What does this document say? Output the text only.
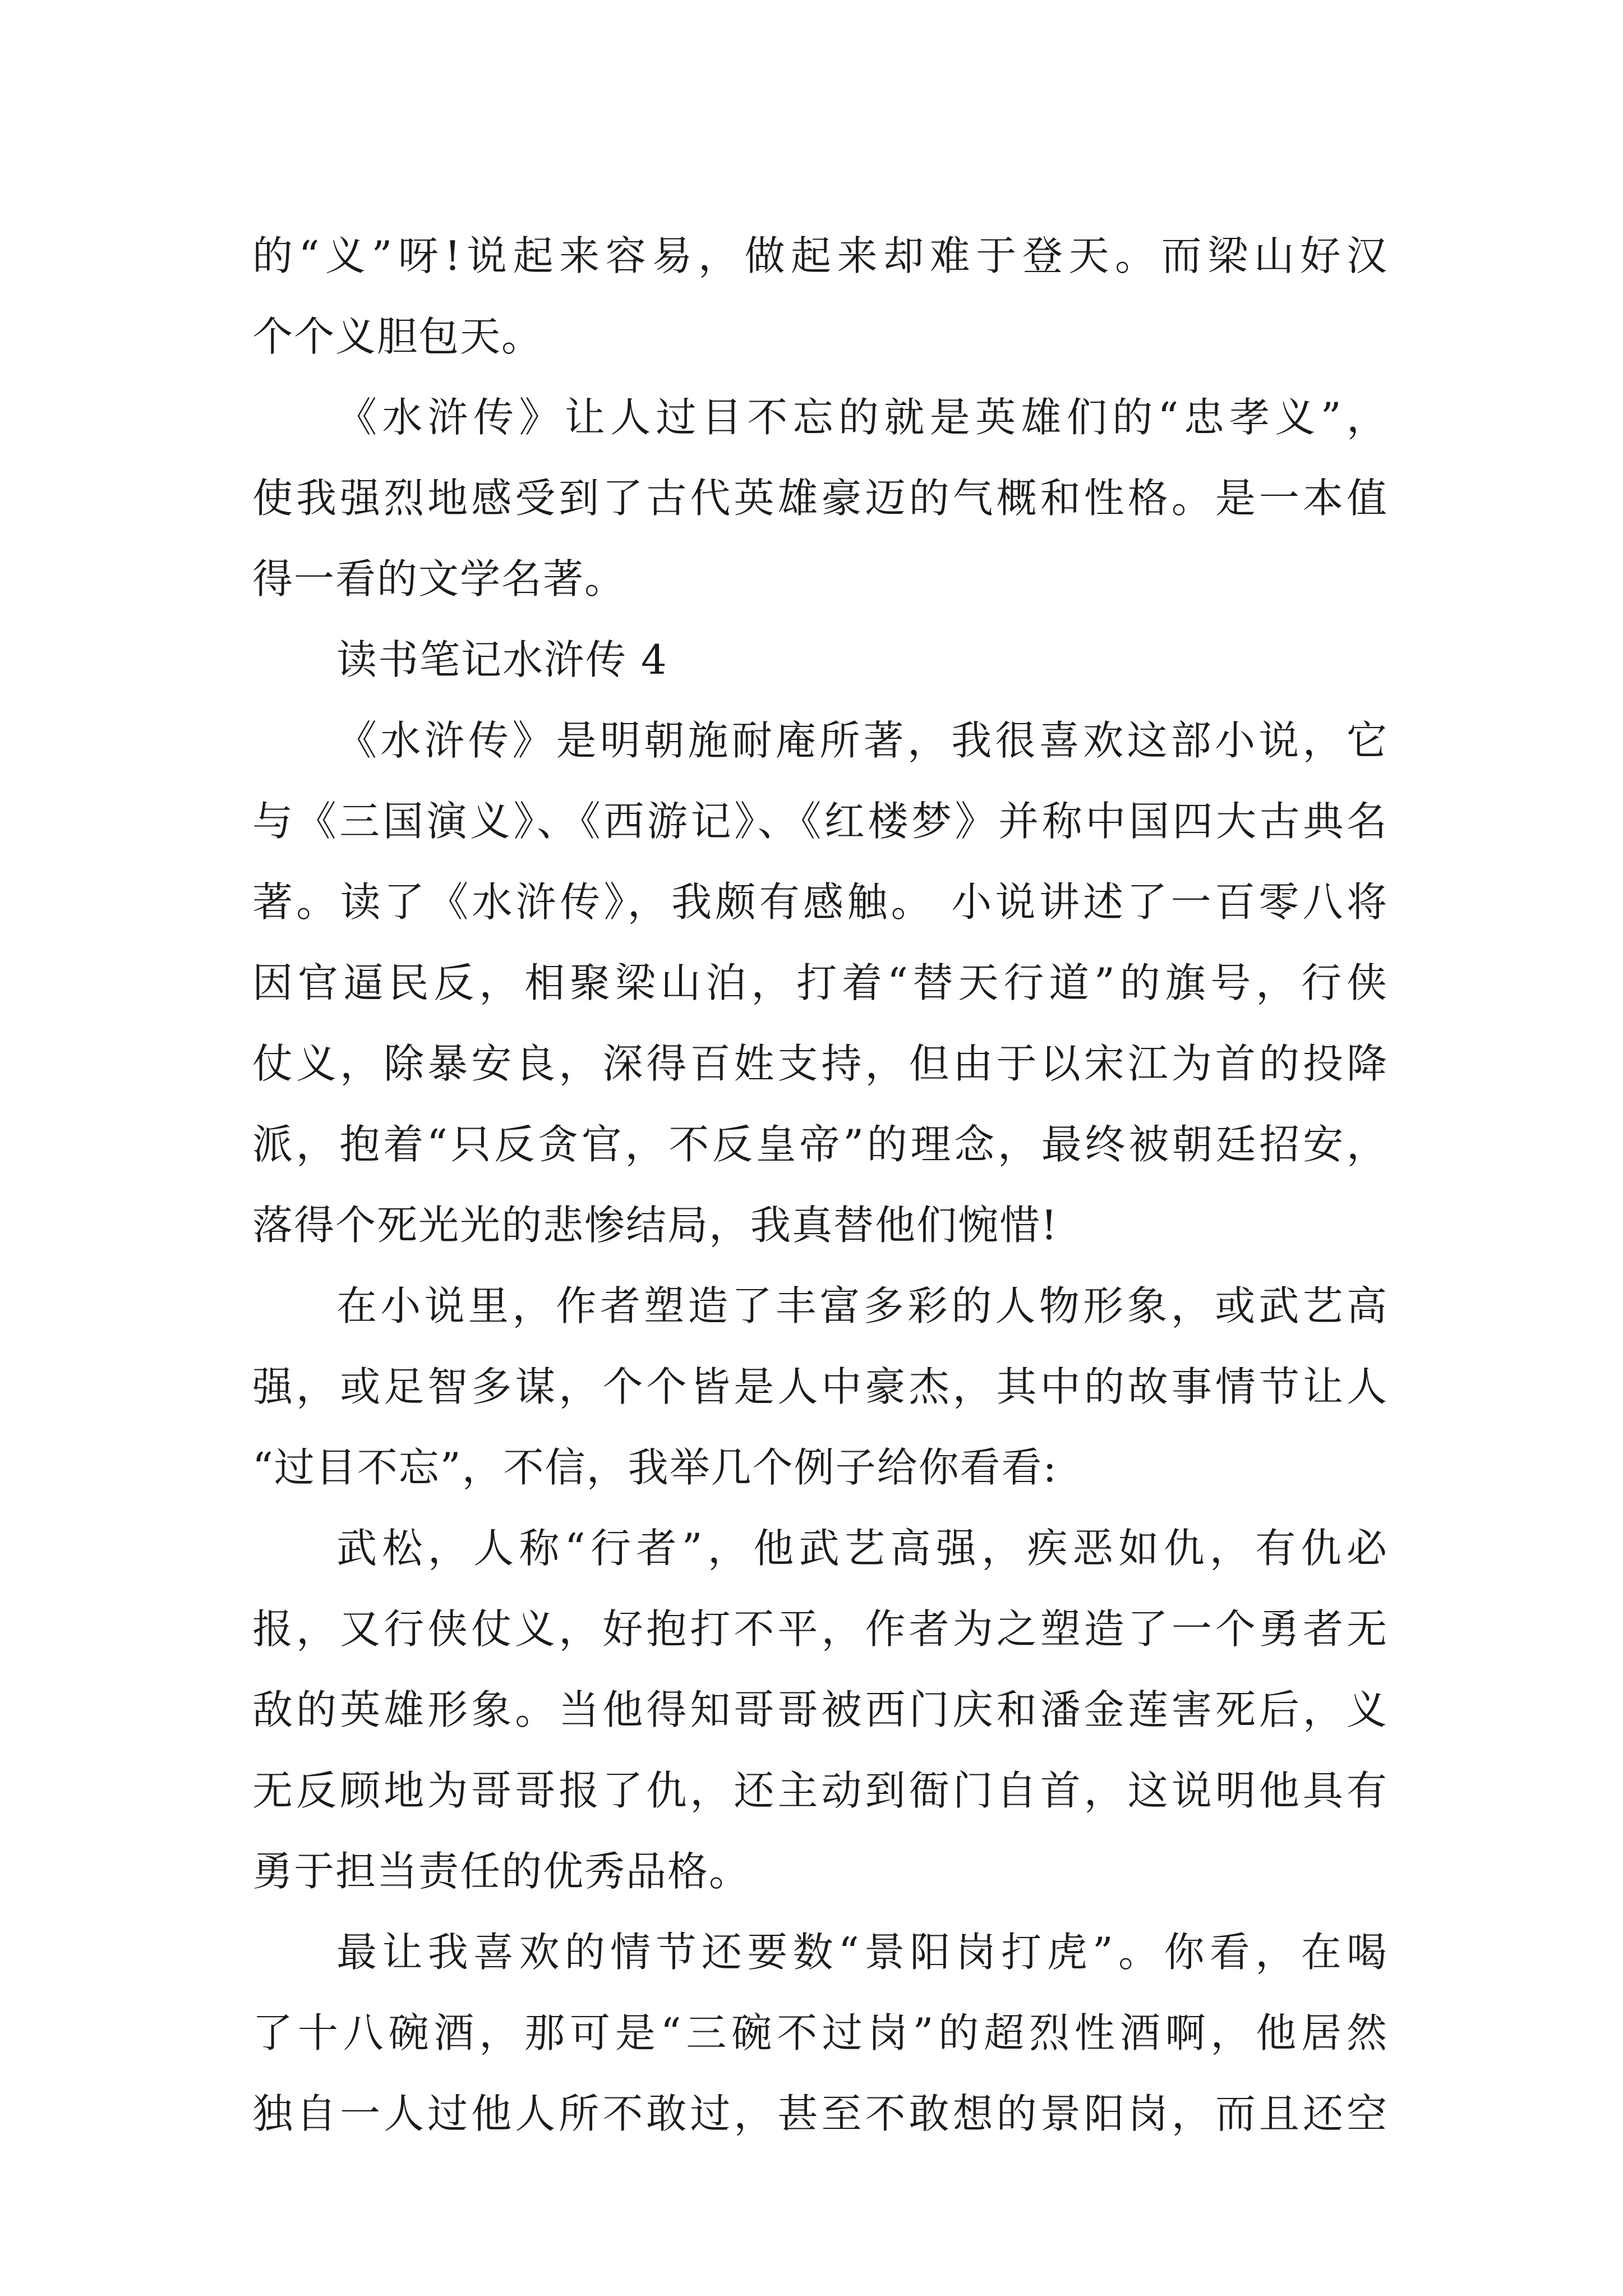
的“义”呀!说起来容易，做起来却难于登天。而梁山好汉
个个义胆包天。
《水浒传》让人过目不忘的就是英雄们的“忠孝义”，
使我强烈地感受到了古代英雄豪迈的气概和性格。是一本值
得一看的文学名著。
读书笔记水浒传 4
《水浒传》是明朝施耐庵所著，我很喜欢这部小说，它
与《三国演义》、《西游记》、《红楼梦》并称中国四大古典名
著。读了《水浒传》，我颇有感触。 小说讲述了一百零八将
因官逼民反，相聚梁山泊，打着“替天行道”的旗号，行侠
仗义，除暴安良，深得百姓支持，但由于以宋江为首的投降
派，抱着“只反贪官，不反皇帝”的理念，最终被朝廷招安，
落得个死光光的悲惨结局，我真替他们惋惜!
在小说里，作者塑造了丰富多彩的人物形象，或武艺高
强，或足智多谋，个个皆是人中豪杰，其中的故事情节让人
“过目不忘”，不信，我举几个例子给你看看:
武松，人称“行者”，他武艺高强，疾恶如仇，有仇必
报，又行侠仗义，好抱打不平，作者为之塑造了一个勇者无
敌的英雄形象。当他得知哥哥被西门庆和潘金莲害死后，义
无反顾地为哥哥报了仇，还主动到衙门自首，这说明他具有
勇于担当责任的优秀品格。
最让我喜欢的情节还要数“景阳岗打虎”。你看，在喝
了十八碗酒，那可是“三碗不过岗”的超烈性酒啊，他居然
独自一人过他人所不敢过，甚至不敢想的景阳岗，而且还空
